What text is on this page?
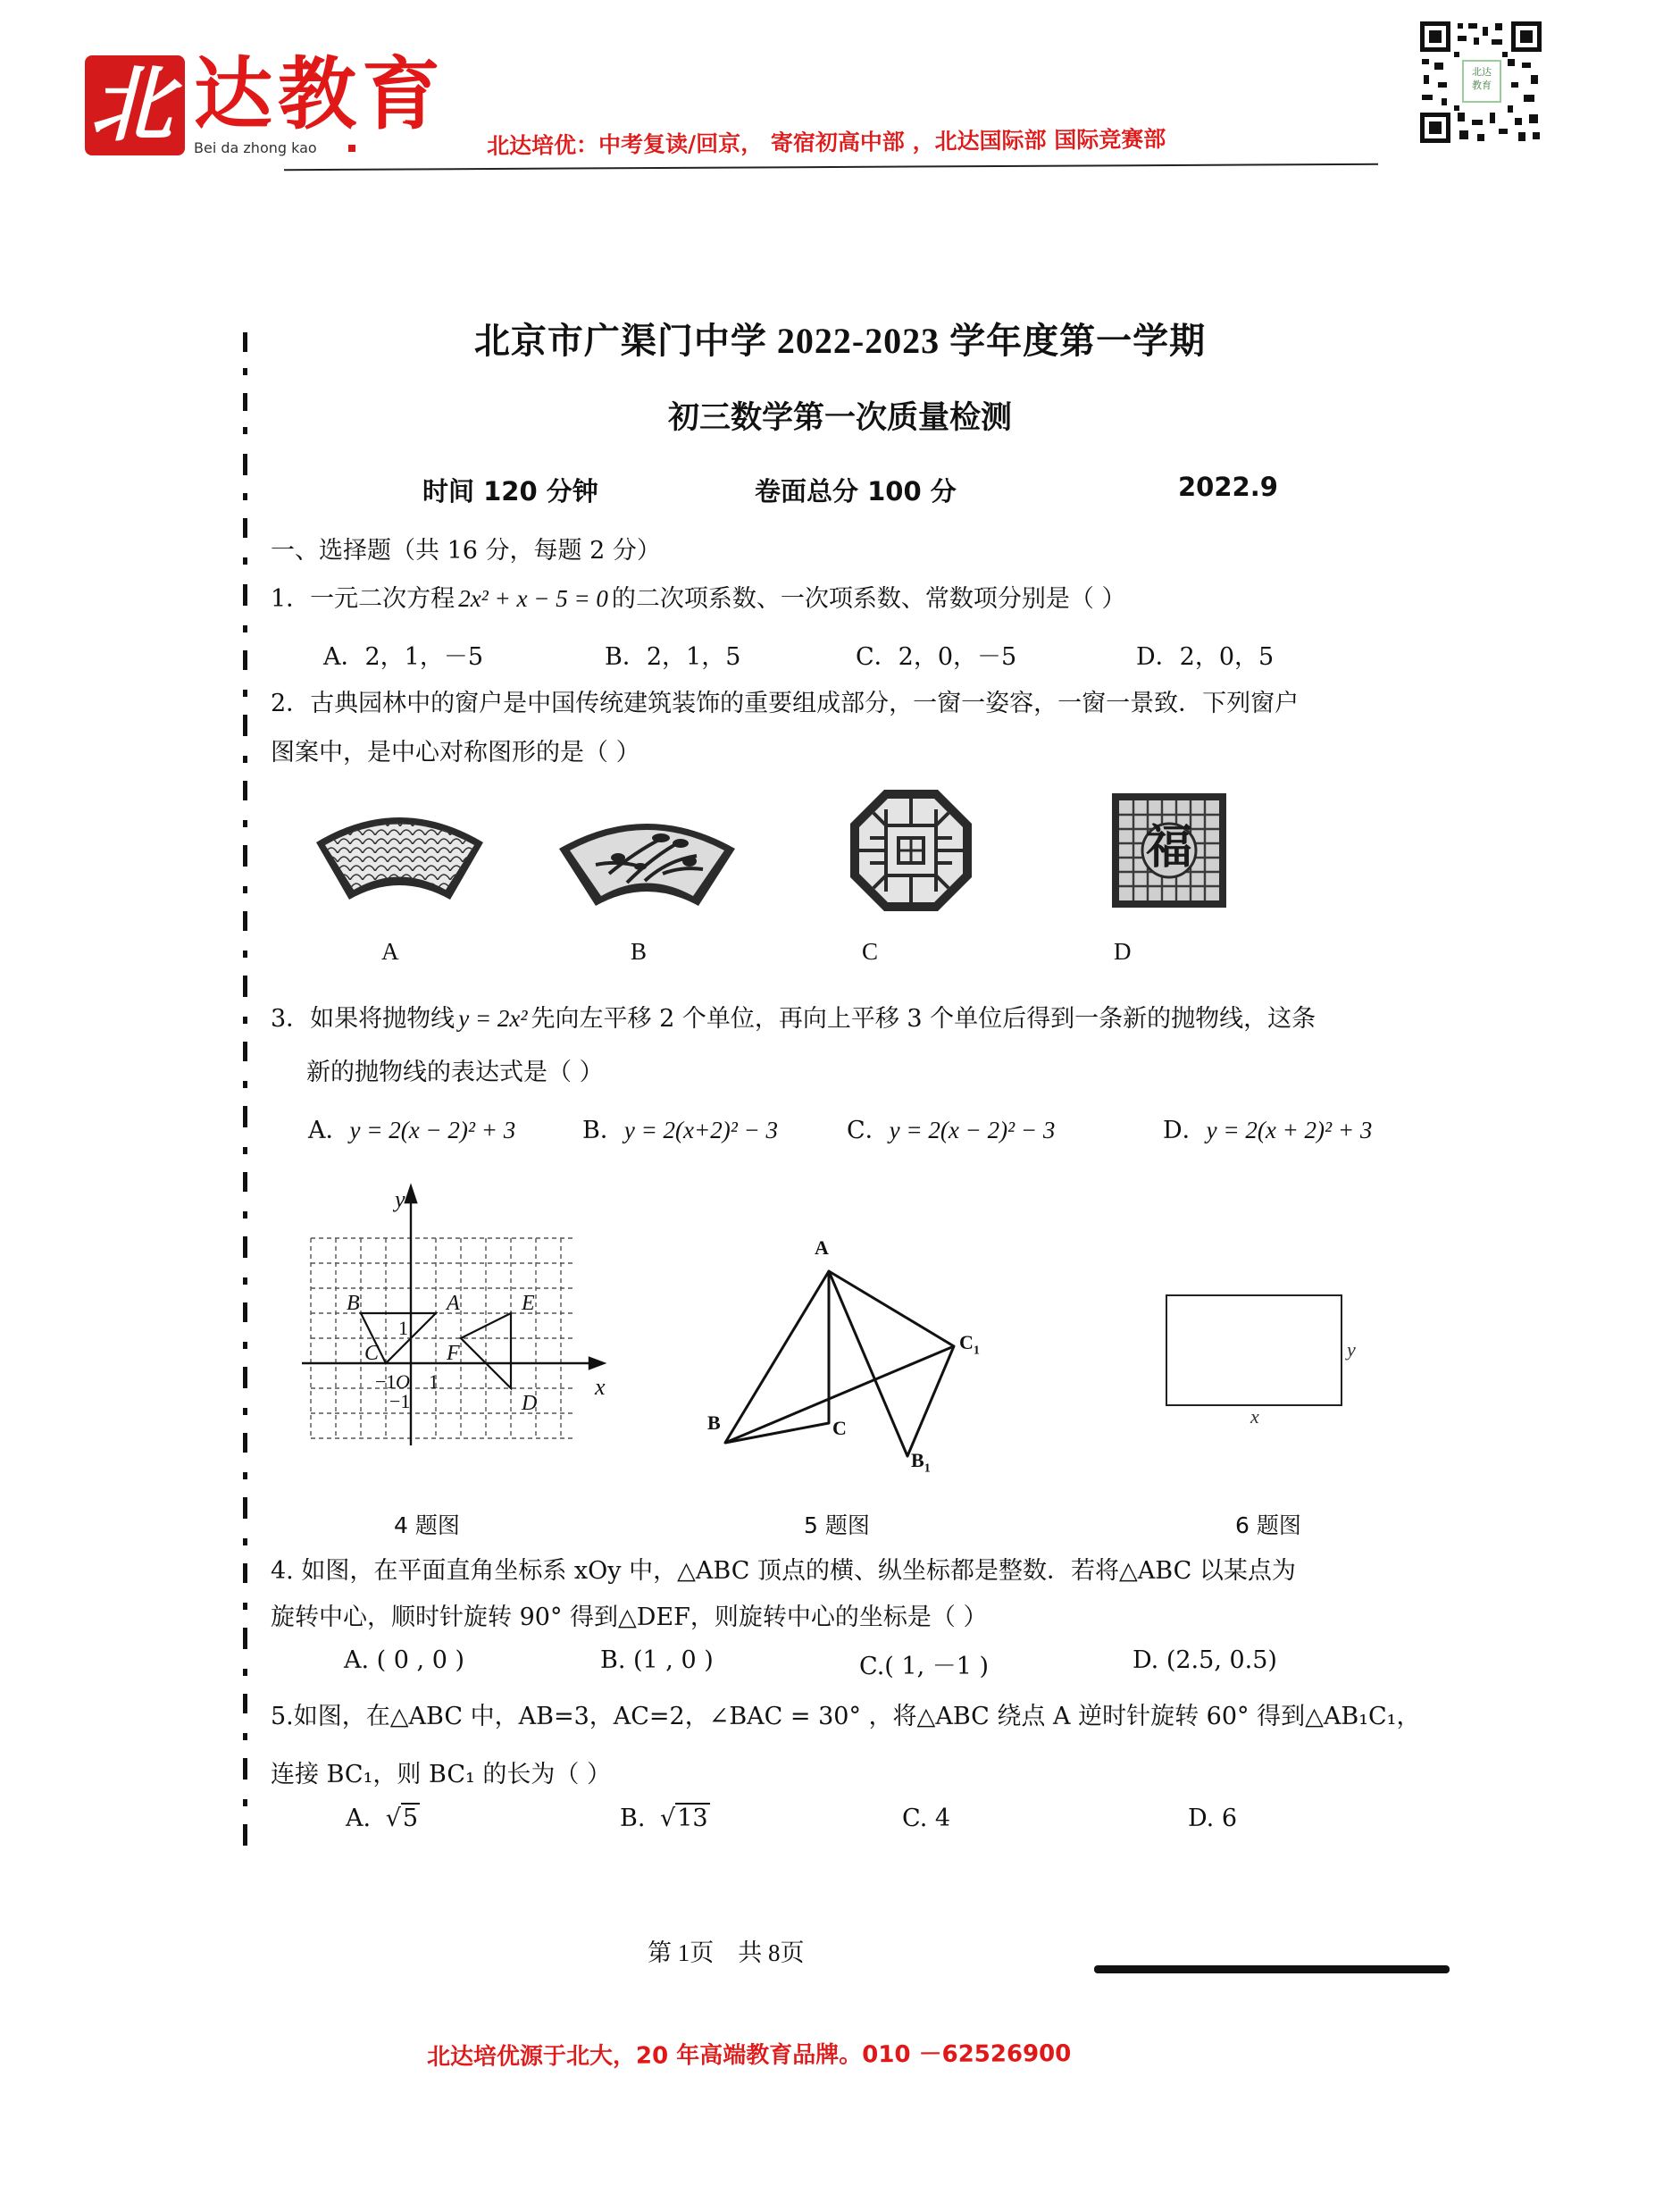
北 达教育
Bei da zhong kao	北达培优：中考复读/回京， 寄宿初高中部 ，北达国际部 国际竞赛部
北达教育
北京市广渠门中学 2022-2023 学年度第一学期
初三数学第一次质量检测
时间 120 分钟	卷面总分 100 分	2022.9
一、选择题（共 16 分，每题 2 分）
1．一元二次方程 2x² + x − 5 = 0 的二次项系数、一次项系数、常数项分别是（ ）
A．2，1，－5	B．2，1，5	C．2，0，－5	D．2，0，5
2．古典园林中的窗户是中国传统建筑装饰的重要组成部分，一窗一姿容，一窗一景致．下列窗户
图案中，是中心对称图形的是（ ）
福
A	B	C	D
3．如果将抛物线 y = 2x² 先向左平移 2 个单位，再向上平移 3 个单位后得到一条新的抛物线，这条
新的抛物线的表达式是（ ）
A．y = 2(x − 2)² + 3	B．y = 2(x+2)² − 3	C．y = 2(x − 2)² − 3	D．y = 2(x + 2)² + 3
y
x
B	A
C
E
F
D
1
1
−1 O
−1
A
B	C
$C_1$
$B_1$
x
y
4 题图	5 题图	6 题图
4. 如图，在平面直角坐标系 xOy 中，△ABC 顶点的横、纵坐标都是整数．若将△ABC 以某点为
旋转中心，顺时针旋转 90° 得到△DEF，则旋转中心的坐标是（ ）
A. ( 0 , 0 )	B. (1 , 0 )	C.( 1, －1 )	D. (2.5, 0.5)
5.如图，在△ABC 中，AB=3，AC=2，∠BAC = 30° ，将△ABC 绕点 A 逆时针旋转 60° 得到△AB₁C₁，
连接 BC₁，则 BC₁ 的长为（ ）
A. √5	B. √13	C. 4	D. 6
第 1页    共 8页
北达培优源于北大，20 年高端教育品牌。010 －62526900
